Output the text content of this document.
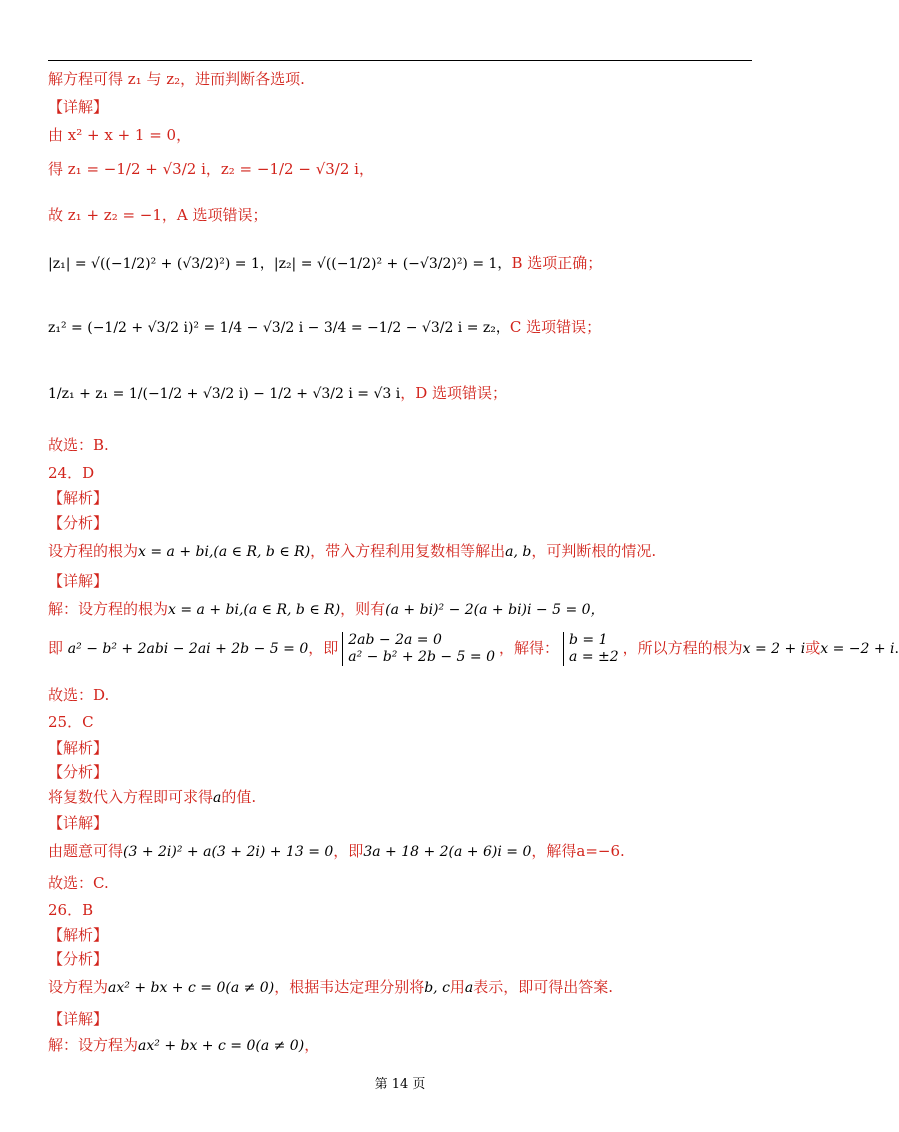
解方程可得 z₁ 与 z₂，进而判断各选项.
【详解】
由 x² + x + 1 = 0，
得 z₁ = −1/2 + √3/2 i，z₂ = −1/2 − √3/2 i，
故 z₁ + z₂ = −1，A 选项错误；
|z₁| = √((−1/2)² + (√3/2)²) = 1，|z₂| = √((−1/2)² + (−√3/2)²) = 1，B 选项正确；
z₁² = (−1/2 + √3/2 i)² = 1/4 − √3/2 i − 3/4 = −1/2 − √3/2 i = z₂，C 选项错误；
1/z₁ + z₁ = 1/(−1/2 + √3/2 i) − 1/2 + √3/2 i = √3 i，D 选项错误；
故选：B.
24．D
【解析】
【分析】
设方程的根为x = a + bi,(a ∈ R, b ∈ R)，带入方程利用复数相等解出a, b，可判断根的情况.
【详解】
解：设方程的根为x = a + bi,(a ∈ R, b ∈ R)，则有(a + bi)² − 2(a + bi)i − 5 = 0，
即 a² − b² + 2abi − 2ai + 2b − 5 = 0，即 2ab − 2a = 0
a² − b² + 2b − 5 = 0 ，解得： b = 1
a = ±2 ，所以方程的根为x = 2 + i或x = −2 + i.
故选：D.
25．C
【解析】
【分析】
将复数代入方程即可求得a的值.
【详解】
由题意可得(3 + 2i)² + a(3 + 2i) + 13 = 0，即3a + 18 + 2(a + 6)i = 0，解得a=−6.
故选：C.
26．B
【解析】
【分析】
设方程为ax² + bx + c = 0(a ≠ 0)，根据韦达定理分别将b, c用a表示，即可得出答案.
【详解】
解：设方程为ax² + bx + c = 0(a ≠ 0)，
第 14 页
